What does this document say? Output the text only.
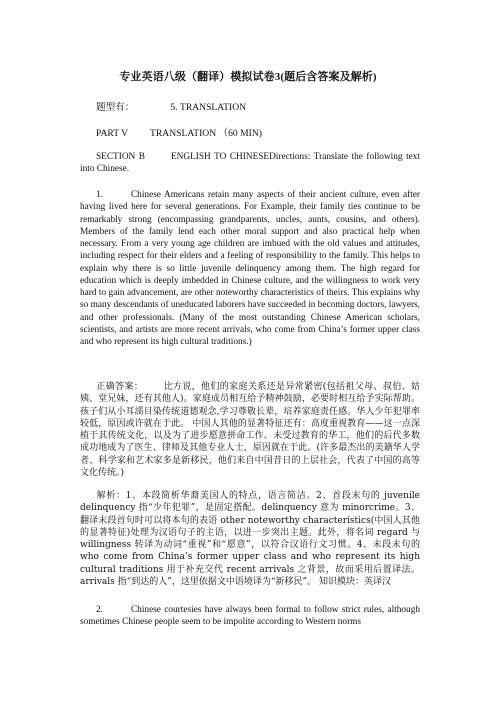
专业英语八级（翻译）模拟试卷3(题后含答案及解析)
题型有：	5. TRANSLATION
PART V TRANSLATION （60 MIN)

SECTION B	ENGLISH TO CHINESEDirections: Translate the following text into Chinese.

1.	Chinese Americans retain many aspects of their ancient culture, even after having lived here for several generations. For Example, their family ties continue to be remarkably strong (encompassing grandparents, uncles, aunts, cousins, and others). Members of the family lend each other moral support and also practical help when necessary. From a very young age children are imbued with the old values and attitudes, including respect for their elders and a feeling of responsibility to the family. This helps to explain why there is so little juvenile delinquency among them. The high regard for education which is deeply imbedded in Chinese culture, and the willingness to work very hard to gain advancement, are other noteworthy characteristics of theirs. This explains why so many descendants of uneducated laborers have succeeded in becoming doctors, lawyers, and other professionals. (Many of the most outstanding Chinese American scholars, scientists, and artists are more recent arrivals, who come from China’s former upper class and who represent its high cultural traditions.)

正确答案： 比方说，他们的家庭关系还是异常紧密(包括祖父母、叔伯、姑姨、堂兄妹，还有其他人)。家庭成员相互给予精神鼓励，必要时相互给予实际帮助。孩子们从小耳濡目染传统道德观念,学习尊敬长辈，培养家庭责任感。华人少年犯罪率较低，原因或许就在于此。 中国人其他的显著特征还有：高度重视教育——这一点深植于其传统文化，以及为了进步愿意拼命工作。未受过教育的华工，他们的后代多数成功地成为了医生、律师及其他专业人士，原因就在于此。(许多最杰出的美籍华人学者、科学家和艺术家多是新移民，他们来自中国昔日的上层社会，代表了中国的高等文化传统。)

解析：1、本段简析华裔美国人的特点，语言简洁。2、首段末句的 juvenile delinquency 指“少年犯罪”，是固定搭配。delinquency 意为 minorcrime。3、翻译末段首句时可以将本句的表语 other noteworthy characteristics(中国人其他的显著特征)处理为汉语句子的主语，以进一步突出主题。此外，将名词 regard 与 willingness 转译为动词“重视”和“愿意”，以符合汉语行文习惯。4、末段末句的 who come from China’s former upper class and who represent its high cultural traditions 用于补充交代 recent arrivals 之背景，故而采用后置译法。arrivals 指“到达的人”，这里依据文中语境译为“新移民”。 知识模块：英译汉

2.	Chinese courtesies have always been formal to follow strict rules, although sometimes Chinese people seem to be impolite according to Western norms
